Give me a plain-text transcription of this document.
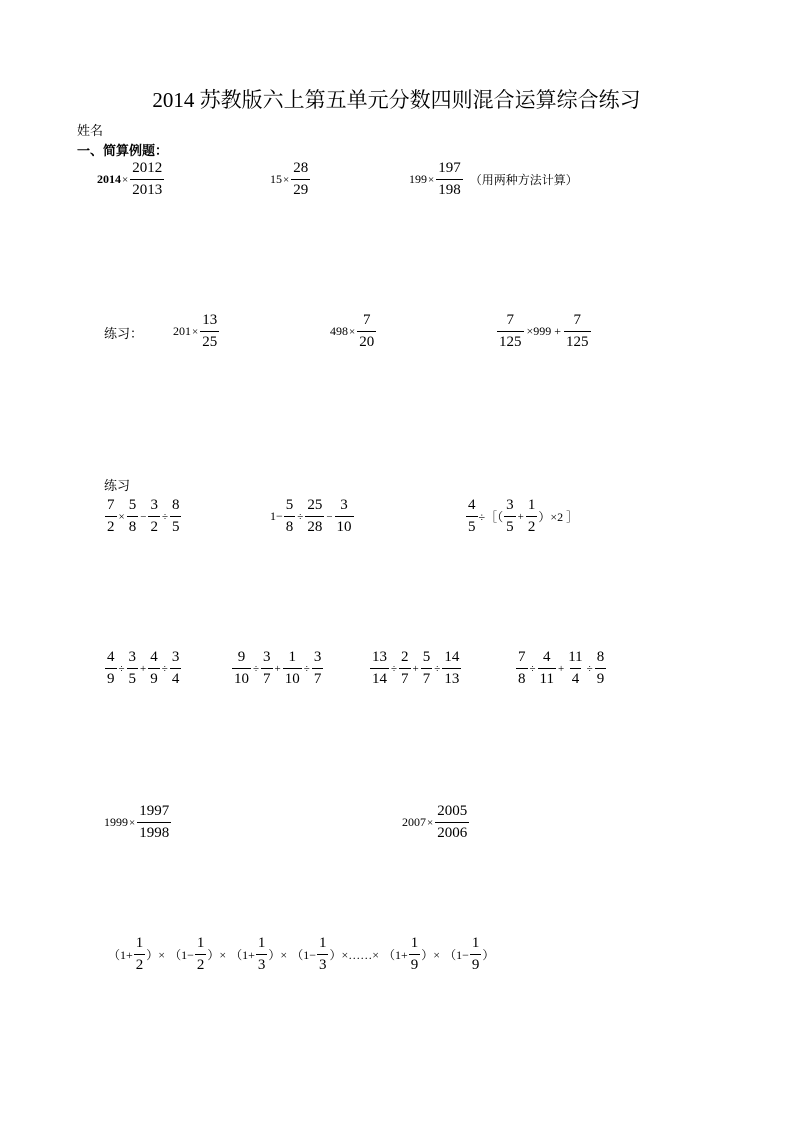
2014 苏教版六上第五单元分数四则混合运算综合练习
姓名
一、简算例题：
$2014 \times \frac{2012}{2013}$	$15 \times \frac{28}{29}$	$199 \times \frac{197}{198}$ （用两种方法计算）
练习： $201 \times \frac{13}{25}$	$498 \times \frac{7}{20}$	$\frac{7}{125} \times 999 + \frac{7}{125}$
练习
$\frac{7}{2} \times \frac{5}{8} - \frac{3}{2} \div \frac{8}{5}$	$1- \frac{5}{8} \div \frac{25}{28} - \frac{3}{10}$	$\frac{4}{5}$ ÷［（ $\frac{3}{5} + \frac{1}{2} )\times 2$ ］
$\frac{4}{9} \div \frac{3}{5} + \frac{4}{9} \div \frac{3}{4}$	$\frac{9}{10} \div \frac{3}{7} + \frac{1}{10} \div \frac{3}{7}$	$\frac{13}{14} \div \frac{2}{7} + \frac{5}{7} \div \frac{14}{13}$	$\frac{7}{8} \div \frac{4}{11} + \frac{11}{4} \div \frac{8}{9}$
$1999 \times \frac{1997}{1998}$	$2007 \times \frac{2005}{2006}$
（$1+ \frac{1}{2}$ ）× （$1- \frac{1}{2}$ ）× （$1+ \frac{1}{3}$ ）× （$1- \frac{1}{3}$ ）×……× （$1+ \frac{1}{9}$ ）× （$1- \frac{1}{9}$ ）
